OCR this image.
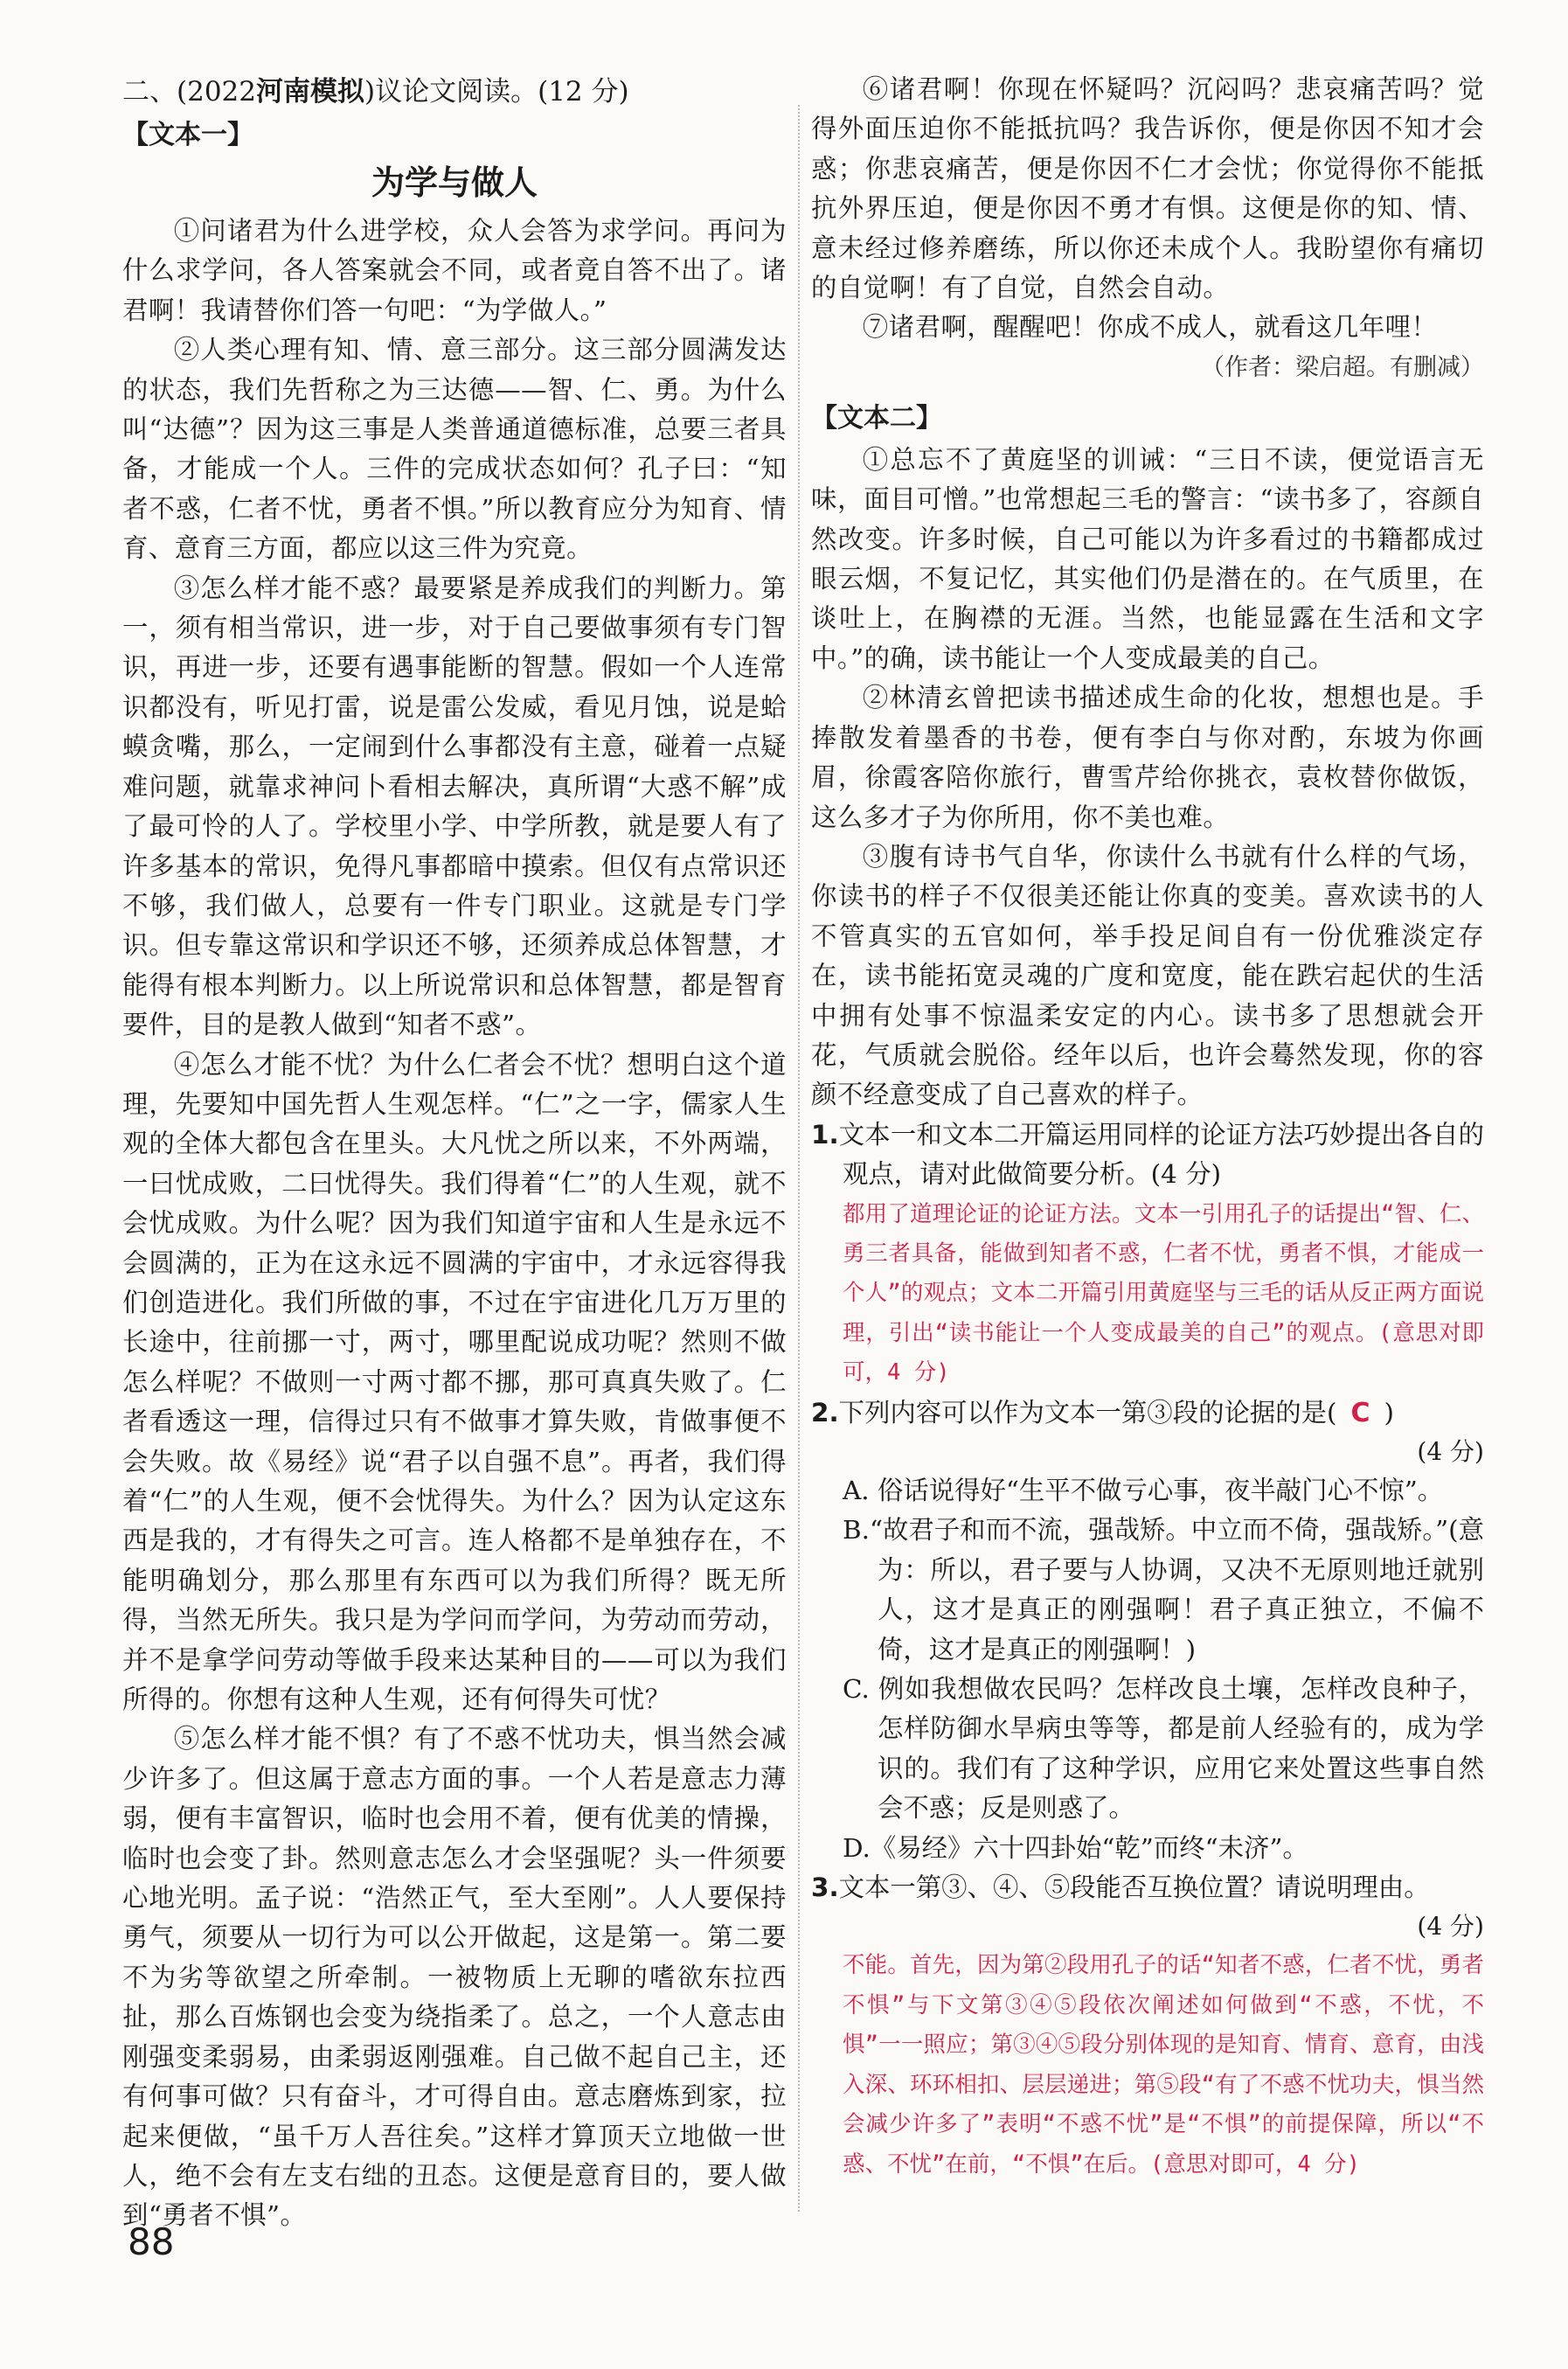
二、(2022河南模拟)议论文阅读。(12 分)

【文本一】

为学与做人

①问诸君为什么进学校，众人会答为求学问。再问为什么求学问，各人答案就会不同，或者竟自答不出了。诸君啊！我请替你们答一句吧：“为学做人。”

②人类心理有知、情、意三部分。这三部分圆满发达的状态，我们先哲称之为三达德——智、仁、勇。为什么叫“达德”？因为这三事是人类普通道德标准，总要三者具备，才能成一个人。三件的完成状态如何？孔子曰：“知者不惑，仁者不忧，勇者不惧。”所以教育应分为知育、情育、意育三方面，都应以这三件为究竟。

③怎么样才能不惑？最要紧是养成我们的判断力。第一，须有相当常识，进一步，对于自己要做事须有专门智识，再进一步，还要有遇事能断的智慧。假如一个人连常识都没有，听见打雷，说是雷公发威，看见月蚀，说是蛤蟆贪嘴，那么，一定闹到什么事都没有主意，碰着一点疑难问题，就靠求神问卜看相去解决，真所谓“大惑不解”成了最可怜的人了。学校里小学、中学所教，就是要人有了许多基本的常识，免得凡事都暗中摸索。但仅有点常识还不够，我们做人，总要有一件专门职业。这就是专门学识。但专靠这常识和学识还不够，还须养成总体智慧，才能得有根本判断力。以上所说常识和总体智慧，都是智育要件，目的是教人做到“知者不惑”。

④怎么才能不忧？为什么仁者会不忧？想明白这个道理，先要知中国先哲人生观怎样。“仁”之一字，儒家人生观的全体大都包含在里头。大凡忧之所以来，不外两端，一曰忧成败，二曰忧得失。我们得着“仁”的人生观，就不会忧成败。为什么呢？因为我们知道宇宙和人生是永远不会圆满的，正为在这永远不圆满的宇宙中，才永远容得我们创造进化。我们所做的事，不过在宇宙进化几万万里的长途中，往前挪一寸，两寸，哪里配说成功呢？然则不做怎么样呢？不做则一寸两寸都不挪，那可真真失败了。仁者看透这一理，信得过只有不做事才算失败，肯做事便不会失败。故《易经》说“君子以自强不息”。再者，我们得着“仁”的人生观，便不会忧得失。为什么？因为认定这东西是我的，才有得失之可言。连人格都不是单独存在，不能明确划分，那么那里有东西可以为我们所得？既无所得，当然无所失。我只是为学问而学问，为劳动而劳动，并不是拿学问劳动等做手段来达某种目的——可以为我们所得的。你想有这种人生观，还有何得失可忧？

⑤怎么样才能不惧？有了不惑不忧功夫，惧当然会减少许多了。但这属于意志方面的事。一个人若是意志力薄弱，便有丰富智识，临时也会用不着，便有优美的情操，临时也会变了卦。然则意志怎么才会坚强呢？头一件须要心地光明。孟子说：“浩然正气，至大至刚”。人人要保持勇气，须要从一切行为可以公开做起，这是第一。第二要不为劣等欲望之所牵制。一被物质上无聊的嗜欲东拉西扯，那么百炼钢也会变为绕指柔了。总之，一个人意志由刚强变柔弱易，由柔弱返刚强难。自己做不起自己主，还有何事可做？只有奋斗，才可得自由。意志磨炼到家，拉起来便做，“虽千万人吾往矣。”这样才算顶天立地做一世人，绝不会有左支右绌的丑态。这便是意育目的，要人做到“勇者不惧”。

⑥诸君啊！你现在怀疑吗？沉闷吗？悲哀痛苦吗？觉得外面压迫你不能抵抗吗？我告诉你，便是你因不知才会惑；你悲哀痛苦，便是你因不仁才会忧；你觉得你不能抵抗外界压迫，便是你因不勇才有惧。这便是你的知、情、意未经过修养磨练，所以你还未成个人。我盼望你有痛切的自觉啊！有了自觉，自然会自动。

⑦诸君啊，醒醒吧！你成不成人，就看这几年哩！

（作者：梁启超。有删减）

【文本二】

①总忘不了黄庭坚的训诫：“三日不读，便觉语言无味，面目可憎。”也常想起三毛的警言：“读书多了，容颜自然改变。许多时候，自己可能以为许多看过的书籍都成过眼云烟，不复记忆，其实他们仍是潜在的。在气质里，在谈吐上，在胸襟的无涯。当然，也能显露在生活和文字中。”的确，读书能让一个人变成最美的自己。

②林清玄曾把读书描述成生命的化妆，想想也是。手捧散发着墨香的书卷，便有李白与你对酌，东坡为你画眉，徐霞客陪你旅行，曹雪芹给你挑衣，袁枚替你做饭，这么多才子为你所用，你不美也难。

③腹有诗书气自华，你读什么书就有什么样的气场，你读书的样子不仅很美还能让你真的变美。喜欢读书的人不管真实的五官如何，举手投足间自有一份优雅淡定存在，读书能拓宽灵魂的广度和宽度，能在跌宕起伏的生活中拥有处事不惊温柔安定的内心。读书多了思想就会开花，气质就会脱俗。经年以后，也许会蓦然发现，你的容颜不经意变成了自己喜欢的样子。

1.文本一和文本二开篇运用同样的论证方法巧妙提出各自的观点，请对此做简要分析。(4 分)

都用了道理论证的论证方法。文本一引用孔子的话提出“智、仁、勇三者具备，能做到知者不惑，仁者不忧，勇者不惧，才能成一个人”的观点；文本二开篇引用黄庭坚与三毛的话从反正两方面说理，引出“读书能让一个人变成最美的自己”的观点。(意思对即可，4 分)

2.下列内容可以作为文本一第③段的论据的是( C )

(4 分)

A. 俗话说得好“生平不做亏心事，夜半敲门心不惊”。

B.“故君子和而不流，强哉矫。中立而不倚，强哉矫。”(意为：所以，君子要与人协调，又决不无原则地迁就别人，这才是真正的刚强啊！君子真正独立，不偏不倚，这才是真正的刚强啊！)

C. 例如我想做农民吗？怎样改良土壤，怎样改良种子，怎样防御水旱病虫等等，都是前人经验有的，成为学识的。我们有了这种学识，应用它来处置这些事自然会不惑；反是则惑了。

D.《易经》六十四卦始“乾”而终“未济”。

3.文本一第③、④、⑤段能否互换位置？请说明理由。

(4 分)

不能。首先，因为第②段用孔子的话“知者不惑，仁者不忧，勇者不惧”与下文第③④⑤段依次阐述如何做到“不惑，不忧，不惧”一一照应；第③④⑤段分别体现的是知育、情育、意育，由浅入深、环环相扣、层层递进；第⑤段“有了不惑不忧功夫，惧当然会减少许多了”表明“不惑不忧”是“不惧”的前提保障，所以“不惑、不忧”在前，“不惧”在后。(意思对即可，4 分)

88
